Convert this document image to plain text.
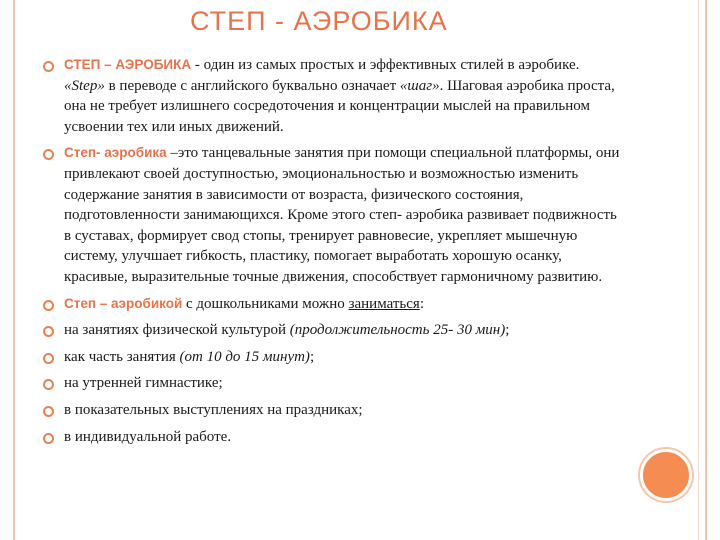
СТЕП - АЭРОБИКА
СТЕП – АЭРОБИКА - один из самых простых и эффективных стилей в аэробике. «Step» в переводе с английского буквально означает «шаг». Шаговая аэробика проста, она не требует излишнего сосредоточения и концентрации мыслей на правильном усвоении тех или иных движений.
Степ- аэробика –это танцевальные занятия при помощи специальной платформы, они привлекают своей доступностью, эмоциональностью и возможностью изменить содержание занятия в зависимости от возраста, физического состояния, подготовленности занимающихся. Кроме этого степ- аэробика развивает подвижность в суставах, формирует свод стопы, тренирует равновесие, укрепляет мышечную систему, улучшает гибкость, пластику, помогает выработать хорошую осанку, красивые, выразительные точные движения, способствует гармоничному развитию.
Степ – аэробикой с дошкольниками можно заниматься:
на занятиях физической культурой (продолжительность 25- 30 мин);
как часть занятия (от 10 до 15 минут);
на утренней гимнастике;
в показательных выступлениях на праздниках;
в индивидуальной работе.
